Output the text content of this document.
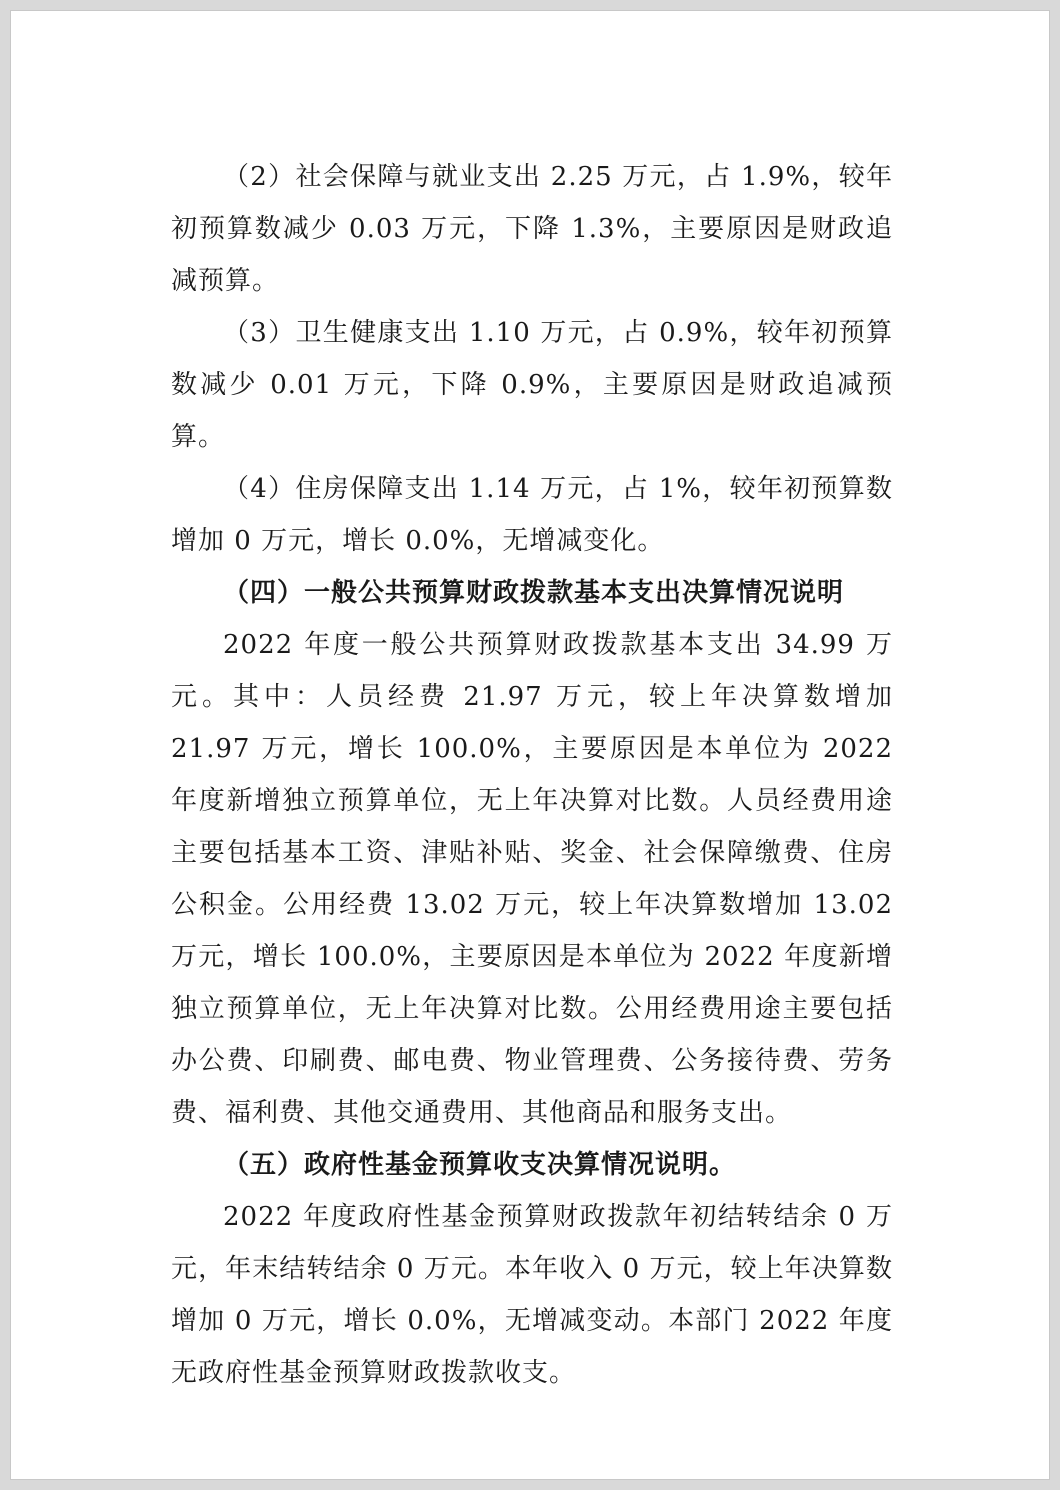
（2）社会保障与就业支出 2.25 万元，占 1.9%，较年初预算数减少 0.03 万元，下降 1.3%，主要原因是财政追减预算。

（3）卫生健康支出 1.10 万元，占 0.9%，较年初预算数减少 0.01 万元，下降 0.9%，主要原因是财政追减预算。

（4）住房保障支出 1.14 万元，占 1%，较年初预算数增加 0 万元，增长 0.0%，无增减变化。

（四）一般公共预算财政拨款基本支出决算情况说明

2022 年度一般公共预算财政拨款基本支出 34.99 万元。其中：人员经费 21.97 万元，较上年决算数增加 21.97 万元，增长 100.0%，主要原因是本单位为 2022 年度新增独立预算单位，无上年决算对比数。人员经费用途主要包括基本工资、津贴补贴、奖金、社会保障缴费、住房公积金。公用经费 13.02 万元，较上年决算数增加 13.02 万元，增长 100.0%，主要原因是本单位为 2022 年度新增独立预算单位，无上年决算对比数。公用经费用途主要包括办公费、印刷费、邮电费、物业管理费、公务接待费、劳务费、福利费、其他交通费用、其他商品和服务支出。

（五）政府性基金预算收支决算情况说明。

2022 年度政府性基金预算财政拨款年初结转结余 0 万元，年末结转结余 0 万元。本年收入 0 万元，较上年决算数增加 0 万元，增长 0.0%，无增减变动。本部门 2022 年度无政府性基金预算财政拨款收支。
